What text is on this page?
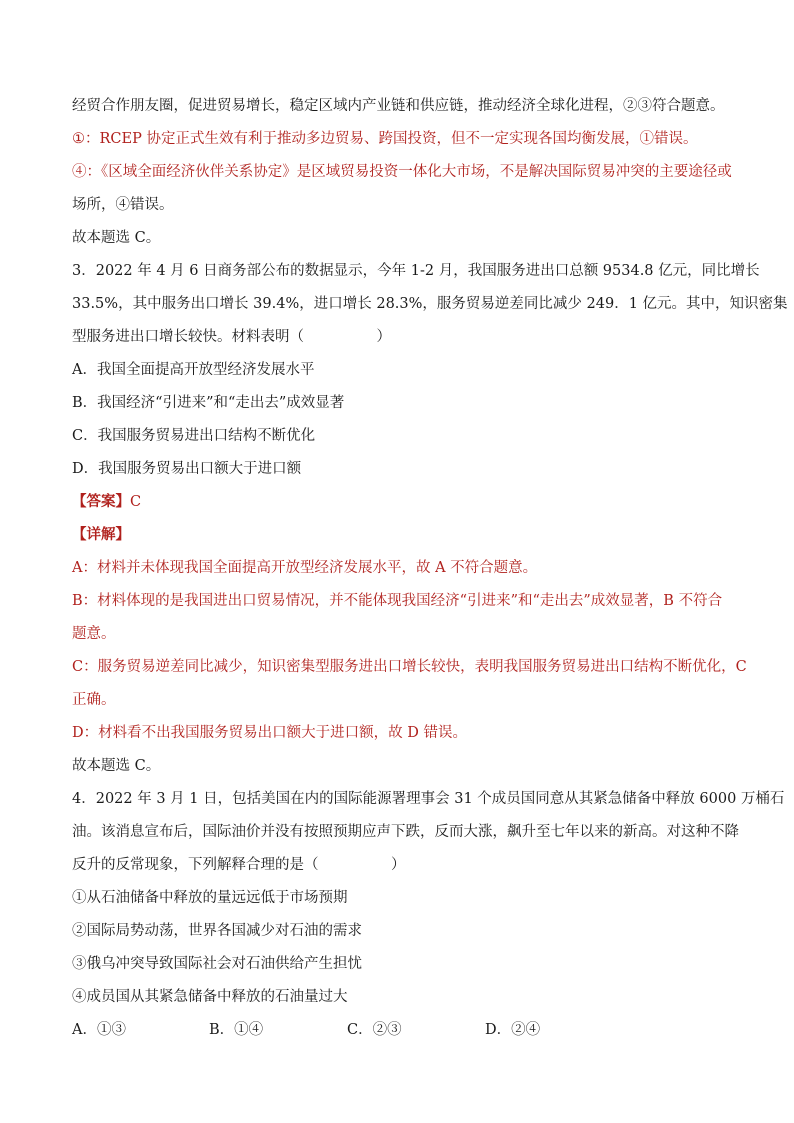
经贸合作朋友圈，促进贸易增长，稳定区域内产业链和供应链，推动经济全球化进程，②③符合题意。
①：RCEP 协定正式生效有利于推动多边贸易、跨国投资，但不一定实现各国均衡发展，①错误。
④：《区域全面经济伙伴关系协定》是区域贸易投资一体化大市场，不是解决国际贸易冲突的主要途径或
场所，④错误。
故本题选 C。
3．2022 年 4 月 6 日商务部公布的数据显示，今年 1-2 月，我国服务进出口总额 9534.8 亿元，同比增长
33.5%，其中服务出口增长 39.4%，进口增长 28.3%，服务贸易逆差同比减少 249．1 亿元。其中，知识密集
型服务进出口增长较快。材料表明（　　　　　）
A．我国全面提高开放型经济发展水平
B．我国经济“引进来”和“走出去”成效显著
C．我国服务贸易进出口结构不断优化
D．我国服务贸易出口额大于进口额
【答案】C
【详解】
A：材料并未体现我国全面提高开放型经济发展水平，故 A 不符合题意。
B：材料体现的是我国进出口贸易情况，并不能体现我国经济“引进来”和“走出去”成效显著，B 不符合
题意。
C：服务贸易逆差同比减少，知识密集型服务进出口增长较快，表明我国服务贸易进出口结构不断优化，C
正确。
D：材料看不出我国服务贸易出口额大于进口额，故 D 错误。
故本题选 C。
4．2022 年 3 月 1 日，包括美国在内的国际能源署理事会 31 个成员国同意从其紧急储备中释放 6000 万桶石
油。该消息宣布后，国际油价并没有按照预期应声下跌，反而大涨，飙升至七年以来的新高。对这种不降
反升的反常现象，下列解释合理的是（　　　　　）
①从石油储备中释放的量远远低于市场预期
②国际局势动荡，世界各国减少对石油的需求
③俄乌冲突导致国际社会对石油供给产生担忧
④成员国从其紧急储备中释放的石油量过大
A．①③	B．①④	C．②③	D．②④
